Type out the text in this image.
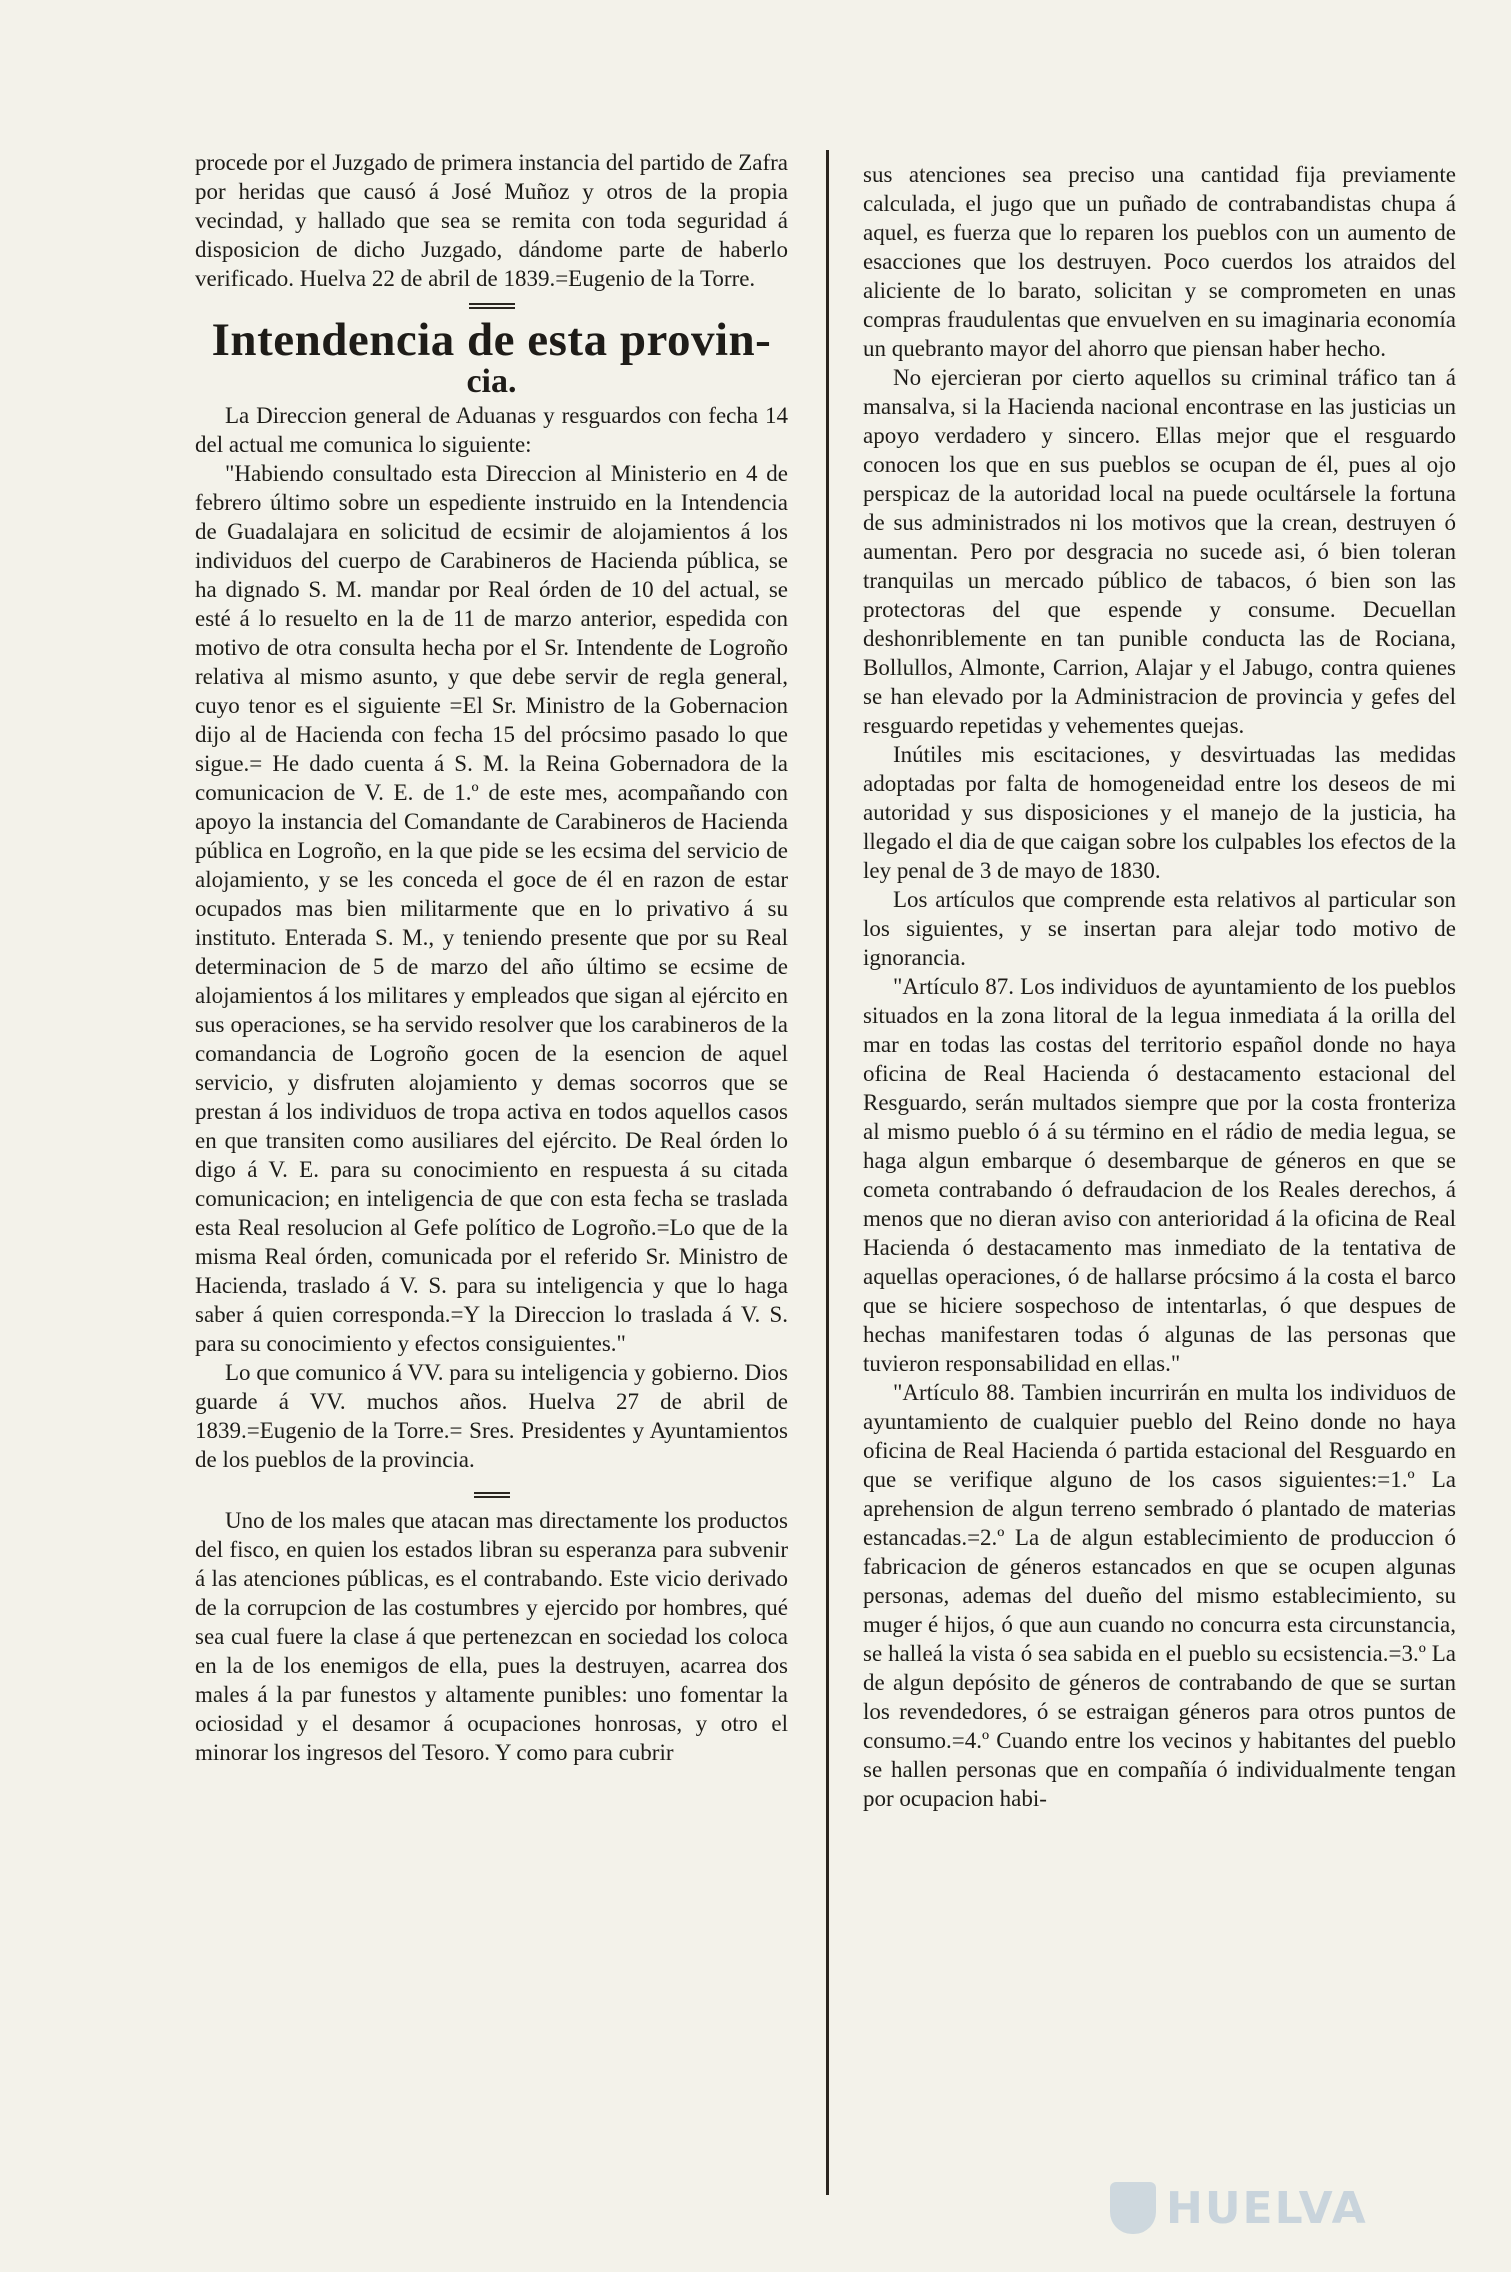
procede por el Juzgado de primera instancia del partido de Zafra por heridas que causó á José Muñoz y otros de la propia vecindad, y hallado que sea se remita con toda seguridad á disposicion de dicho Juzgado, dándome parte de haberlo verificado. Huelva 22 de abril de 1839.=Eugenio de la Torre.

Intendencia de esta provin-

cia.

La Direccion general de Aduanas y resguardos con fecha 14 del actual me comunica lo siguiente:

"Habiendo consultado esta Direccion al Ministerio en 4 de febrero último sobre un espediente instruido en la Intendencia de Guadalajara en solicitud de ecsimir de alojamientos á los individuos del cuerpo de Carabineros de Hacienda pública, se ha dignado S. M. mandar por Real órden de 10 del actual, se esté á lo resuelto en la de 11 de marzo anterior, espedida con motivo de otra consulta hecha por el Sr. Intendente de Logroño relativa al mismo asunto, y que debe servir de regla general, cuyo tenor es el siguiente =El Sr. Ministro de la Gobernacion dijo al de Hacienda con fecha 15 del prócsimo pasado lo que sigue.= He dado cuenta á S. M. la Reina Gobernadora de la comunicacion de V. E. de 1.º de este mes, acompañando con apoyo la instancia del Comandante de Carabineros de Hacienda pública en Logroño, en la que pide se les ecsima del servicio de alojamiento, y se les conceda el goce de él en razon de estar ocupados mas bien militarmente que en lo privativo á su instituto. Enterada S. M., y teniendo presente que por su Real determinacion de 5 de marzo del año último se ecsime de alojamientos á los militares y empleados que sigan al ejército en sus operaciones, se ha servido resolver que los carabineros de la comandancia de Logroño gocen de la esencion de aquel servicio, y disfruten alojamiento y demas socorros que se prestan á los individuos de tropa activa en todos aquellos casos en que transiten como ausiliares del ejército. De Real órden lo digo á V. E. para su conocimiento en respuesta á su citada comunicacion; en inteligencia de que con esta fecha se traslada esta Real resolucion al Gefe político de Logroño.=Lo que de la misma Real órden, comunicada por el referido Sr. Ministro de Hacienda, traslado á V. S. para su inteligencia y que lo haga saber á quien corresponda.=Y la Direccion lo traslada á V. S. para su conocimiento y efectos consiguientes."

Lo que comunico á VV. para su inteligencia y gobierno. Dios guarde á VV. muchos años. Huelva 27 de abril de 1839.=Eugenio de la Torre.= Sres. Presidentes y Ayuntamientos de los pueblos de la provincia.

Uno de los males que atacan mas directamente los productos del fisco, en quien los estados libran su esperanza para subvenir á las atenciones públicas, es el contrabando. Este vicio derivado de la corrupcion de las costumbres y ejercido por hombres, qué sea cual fuere la clase á que pertenezcan en sociedad los coloca en la de los enemigos de ella, pues la destruyen, acarrea dos males á la par funestos y altamente punibles: uno fomentar la ociosidad y el desamor á ocupaciones honrosas, y otro el minorar los ingresos del Tesoro. Y como para cubrir

sus atenciones sea preciso una cantidad fija previamente calculada, el jugo que un puñado de contrabandistas chupa á aquel, es fuerza que lo reparen los pueblos con un aumento de esacciones que los destruyen. Poco cuerdos los atraidos del aliciente de lo barato, solicitan y se comprometen en unas compras fraudulentas que envuelven en su imaginaria economía un quebranto mayor del ahorro que piensan haber hecho.

No ejercieran por cierto aquellos su criminal tráfico tan á mansalva, si la Hacienda nacional encontrase en las justicias un apoyo verdadero y sincero. Ellas mejor que el resguardo conocen los que en sus pueblos se ocupan de él, pues al ojo perspicaz de la autoridad local na puede ocultársele la fortuna de sus administrados ni los motivos que la crean, destruyen ó aumentan. Pero por desgracia no sucede asi, ó bien toleran tranquilas un mercado público de tabacos, ó bien son las protectoras del que espende y consume. Decuellan deshonriblemente en tan punible conducta las de Rociana, Bollullos, Almonte, Carrion, Alajar y el Jabugo, contra quienes se han elevado por la Administracion de provincia y gefes del resguardo repetidas y vehementes quejas.

Inútiles mis escitaciones, y desvirtuadas las medidas adoptadas por falta de homogeneidad entre los deseos de mi autoridad y sus disposiciones y el manejo de la justicia, ha llegado el dia de que caigan sobre los culpables los efectos de la ley penal de 3 de mayo de 1830.

Los artículos que comprende esta relativos al particular son los siguientes, y se insertan para alejar todo motivo de ignorancia.

"Artículo 87. Los individuos de ayuntamiento de los pueblos situados en la zona litoral de la legua inmediata á la orilla del mar en todas las costas del territorio español donde no haya oficina de Real Hacienda ó destacamento estacional del Resguardo, serán multados siempre que por la costa fronteriza al mismo pueblo ó á su término en el rádio de media legua, se haga algun embarque ó desembarque de géneros en que se cometa contrabando ó defraudacion de los Reales derechos, á menos que no dieran aviso con anterioridad á la oficina de Real Hacienda ó destacamento mas inmediato de la tentativa de aquellas operaciones, ó de hallarse prócsimo á la costa el barco que se hiciere sospechoso de intentarlas, ó que despues de hechas manifestaren todas ó algunas de las personas que tuvieron responsabilidad en ellas."

"Artículo 88. Tambien incurrirán en multa los individuos de ayuntamiento de cualquier pueblo del Reino donde no haya oficina de Real Hacienda ó partida estacional del Resguardo en que se verifique alguno de los casos siguientes:=1.º La aprehension de algun terreno sembrado ó plantado de materias estancadas.=2.º La de algun establecimiento de produccion ó fabricacion de géneros estancados en que se ocupen algunas personas, ademas del dueño del mismo establecimiento, su muger é hijos, ó que aun cuando no concurra esta circunstancia, se halleá la vista ó sea sabida en el pueblo su ecsistencia.=3.º La de algun depósito de géneros de contrabando de que se surtan los revendedores, ó se estraigan géneros para otros puntos de consumo.=4.º Cuando entre los vecinos y habitantes del pueblo se hallen personas que en compañía ó individualmente tengan por ocupacion habi-

HUELVA
